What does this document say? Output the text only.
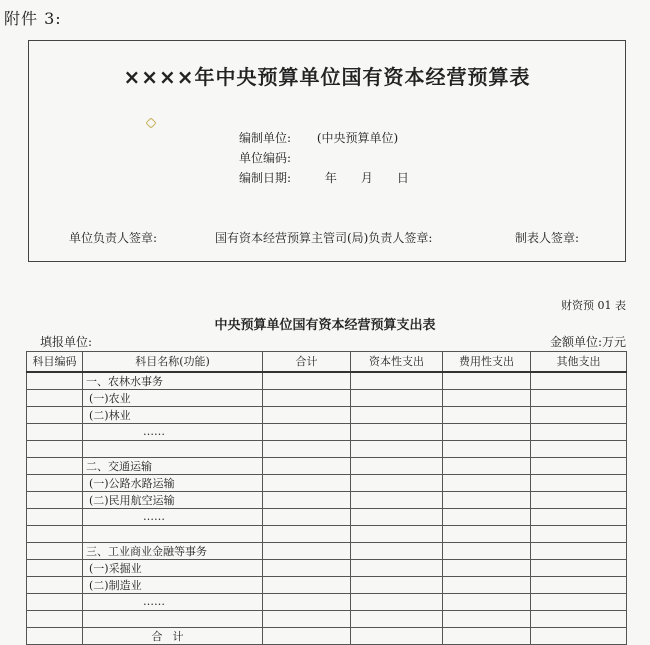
附件 3:
××××年中央预算单位国有资本经营预算表
编制单位: (中央预算单位)
单位编码:
编制日期:	年　　月　　日
单位负责人签章:	国有资本经营预算主管司(局)负责人签章:	制表人签章:
财资预 01 表
中央预算单位国有资本经营预算支出表
填报单位:	金额单位:万元
科目编码	科目名称(功能)	合计	资本性支出	费用性支出	其他支出
	一、农林水事务				
	(一)农业				
	(二)林业				
	……				

	二、交通运输				
	(一)公路水路运输				
	(二)民用航空运输				
	……				

	三、工业商业金融等事务				
	(一)采掘业				
	(二)制造业				
	……				

	合计				
